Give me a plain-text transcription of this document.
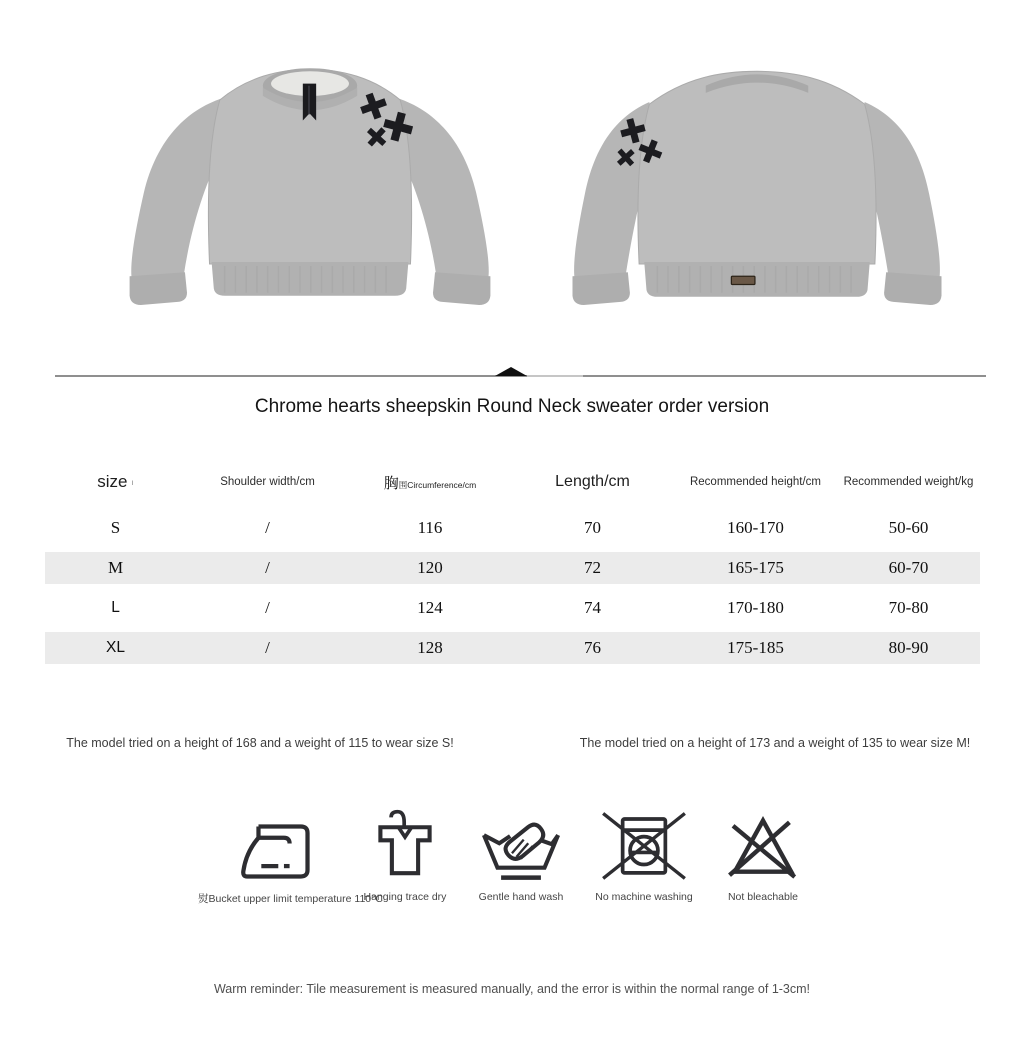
Chrome hearts sheepskin Round Neck sweater order version
size ı	Shoulder width/cm	胸围Circumference/cm	Length/cm	Recommended height/cm	Recommended weight/kg
S	/	116	70	160-170	50-60
M	/	120	72	165-175	60-70
L	/	124	74	170-180	70-80
XL	/	128	76	175-185	80-90
The model tried on a height of 168 and a weight of 115 to wear size S!	The model tried on a height of 173 and a weight of 135 to wear size M!
熨Bucket upper limit temperature 110°C
Hanging trace dry	Gentle hand wash	No machine washing	Not bleachable
Warm reminder: Tile measurement is measured manually, and the error is within the normal range of 1-3cm!
